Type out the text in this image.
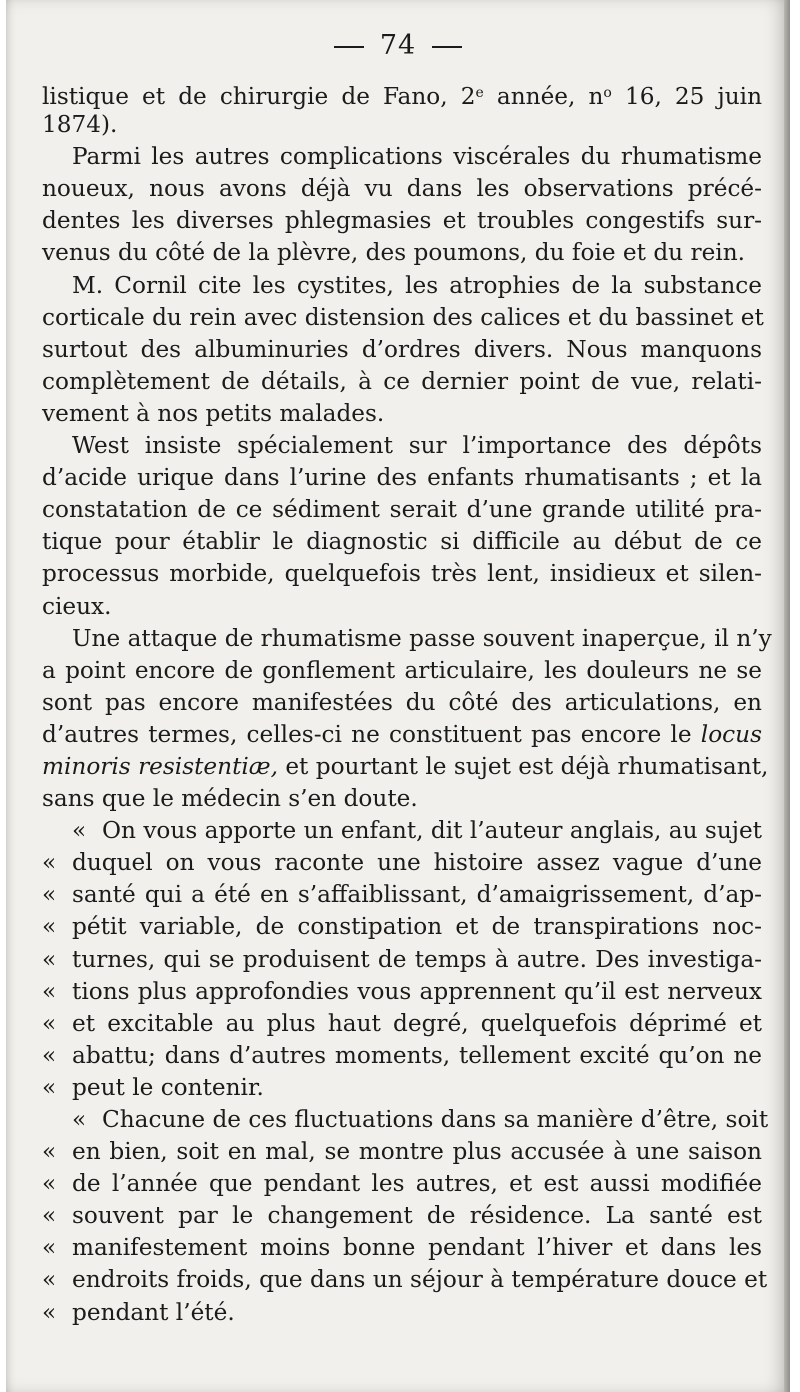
74
listique et de chirurgie de Fano, 2e année, $n^o$ 16, 25 juin
1874).
Parmi les autres complications viscérales du rhumatisme
noueux, nous avons déjà vu dans les observations précé-
dentes les diverses phlegmasies et troubles congestifs sur-
venus du côté de la plèvre, des poumons, du foie et du rein.
M. Cornil cite les cystites, les atrophies de la substance
corticale du rein avec distension des calices et du bassinet et
surtout des albuminuries d’ordres divers. Nous manquons
complètement de détails, à ce dernier point de vue, relati-
vement à nos petits malades.
West insiste spécialement sur l’importance des dépôts
d’acide urique dans l’urine des enfants rhumatisants ; et la
constatation de ce sédiment serait d’une grande utilité pra-
tique pour établir le diagnostic si difficile au début de ce
processus morbide, quelquefois très lent, insidieux et silen-
cieux.
Une attaque de rhumatisme passe souvent inaperçue, il n’y
a point encore de gonflement articulaire, les douleurs ne se
sont pas encore manifestées du côté des articulations, en
d’autres termes, celles-ci ne constituent pas encore le locus
minoris resistentiæ, et pourtant le sujet est déjà rhumatisant,
sans que le médecin s’en doute.
« On vous apporte un enfant, dit l’auteur anglais, au sujet
« duquel on vous raconte une histoire assez vague d’une
« santé qui a été en s’affaiblissant, d’amaigrissement, d’ap-
« pétit variable, de constipation et de transpirations noc-
« turnes, qui se produisent de temps à autre. Des investiga-
« tions plus approfondies vous apprennent qu’il est nerveux
« et excitable au plus haut degré, quelquefois déprimé et
« abattu; dans d’autres moments, tellement excité qu’on ne
« peut le contenir.
« Chacune de ces fluctuations dans sa manière d’être, soit
« en bien, soit en mal, se montre plus accusée à une saison
« de l’année que pendant les autres, et est aussi modifiée
« souvent par le changement de résidence. La santé est
« manifestement moins bonne pendant l’hiver et dans les
« endroits froids, que dans un séjour à température douce et
« pendant l’été.
